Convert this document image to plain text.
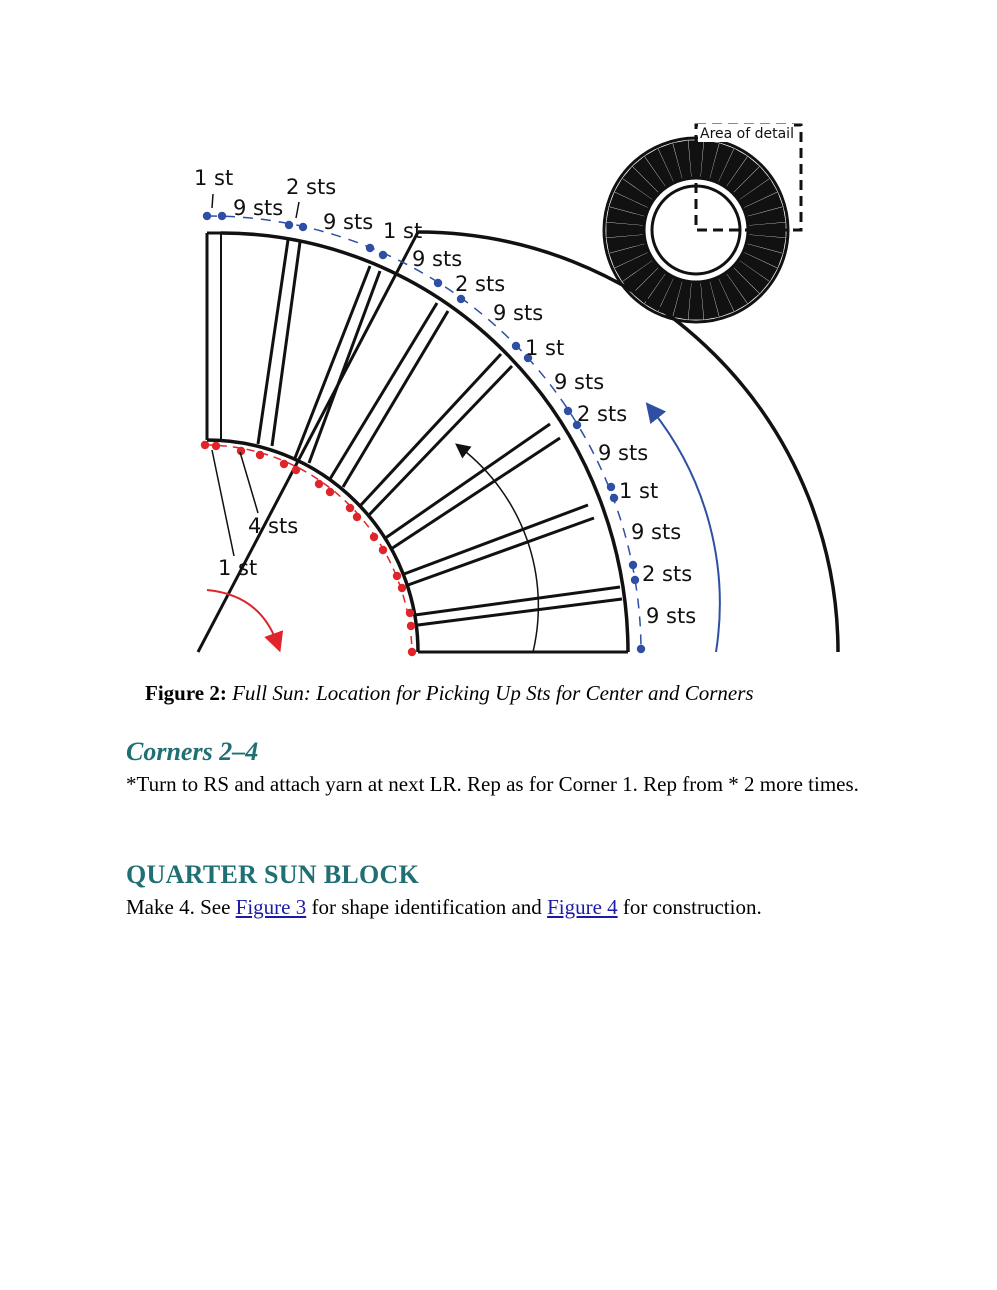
1 st
9 sts
2 sts
9 sts 1 st
9 sts
2 sts
9 sts
1 st
9 sts
2 sts
9 sts
1 st
9 sts
2 sts
9 sts
4 sts
1 st
Area of detail
Figure 2: Full Sun: Location for Picking Up Sts for Center and Corners
Corners 2–4
*Turn to RS and attach yarn at next LR. Rep as for Corner 1. Rep from * 2 more times.
QUARTER SUN BLOCK
Make 4. See Figure 3 for shape identification and Figure 4 for construction.
